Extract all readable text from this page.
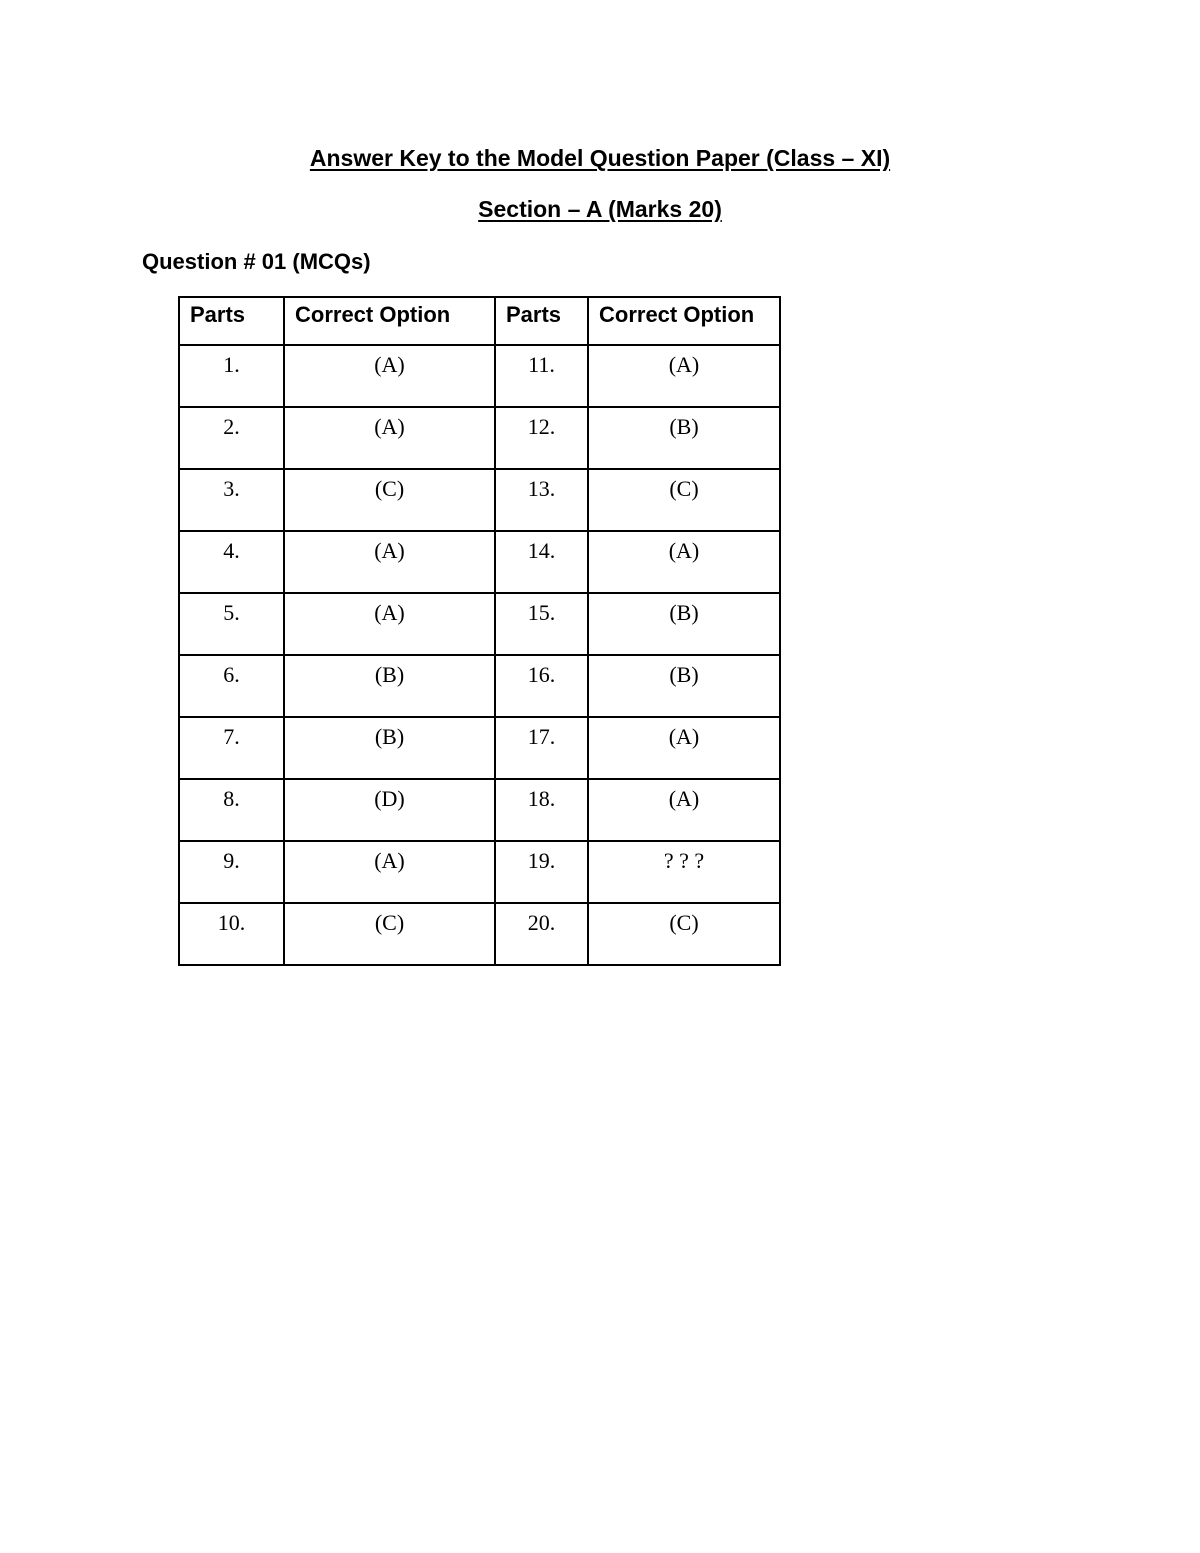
Answer Key to the Model Question Paper (Class – XI)
Section – A (Marks 20)
Question # 01 (MCQs)
Parts	Correct Option	Parts	Correct Option
1.	(A)	11.	(A)
2.	(A)	12.	(B)
3.	(C)	13.	(C)
4.	(A)	14.	(A)
5.	(A)	15.	(B)
6.	(B)	16.	(B)
7.	(B)	17.	(A)
8.	(D)	18.	(A)
9.	(A)	19.	? ? ?
10.	(C)	20.	(C)
